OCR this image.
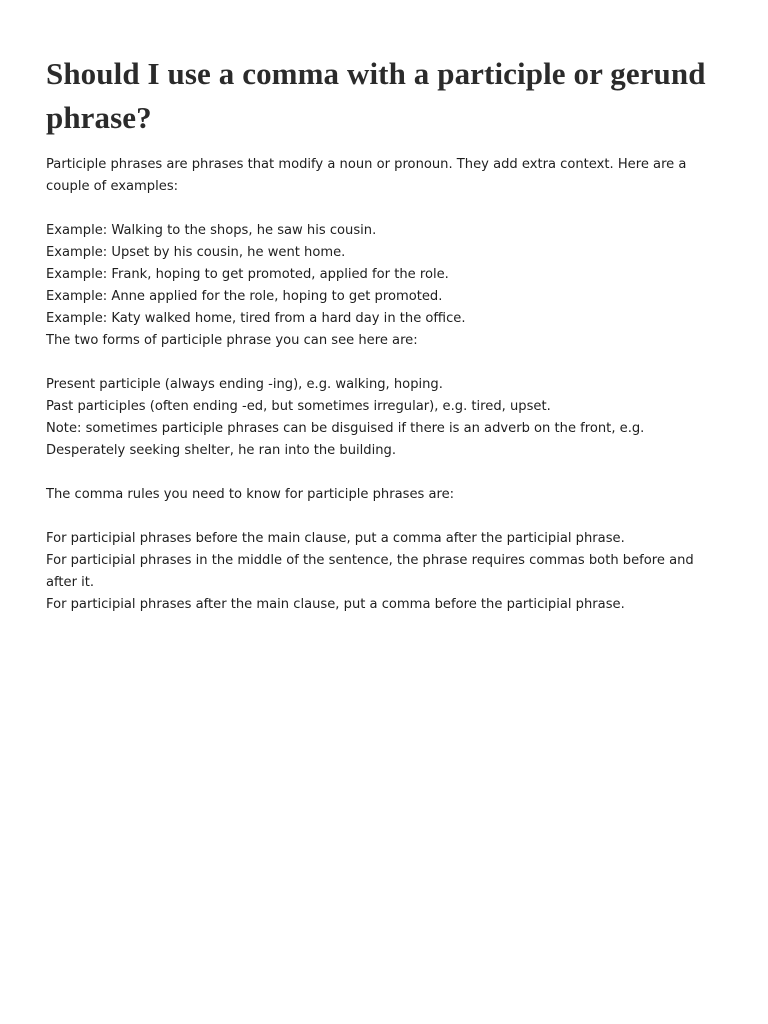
Should I use a comma with a participle or gerund phrase?
Participle phrases are phrases that modify a noun or pronoun. They add extra context. Here are a couple of examples:
Example: Walking to the shops, he saw his cousin.
Example: Upset by his cousin, he went home.
Example: Frank, hoping to get promoted, applied for the role.
Example: Anne applied for the role, hoping to get promoted.
Example: Katy walked home, tired from a hard day in the office.
The two forms of participle phrase you can see here are:
Present participle (always ending -ing), e.g. walking, hoping.
Past participles (often ending -ed, but sometimes irregular), e.g. tired, upset.
Note: sometimes participle phrases can be disguised if there is an adverb on the front, e.g. Desperately seeking shelter, he ran into the building.
The comma rules you need to know for participle phrases are:
For participial phrases before the main clause, put a comma after the participial phrase.
For participial phrases in the middle of the sentence, the phrase requires commas both before and after it.
For participial phrases after the main clause, put a comma before the participial phrase.
